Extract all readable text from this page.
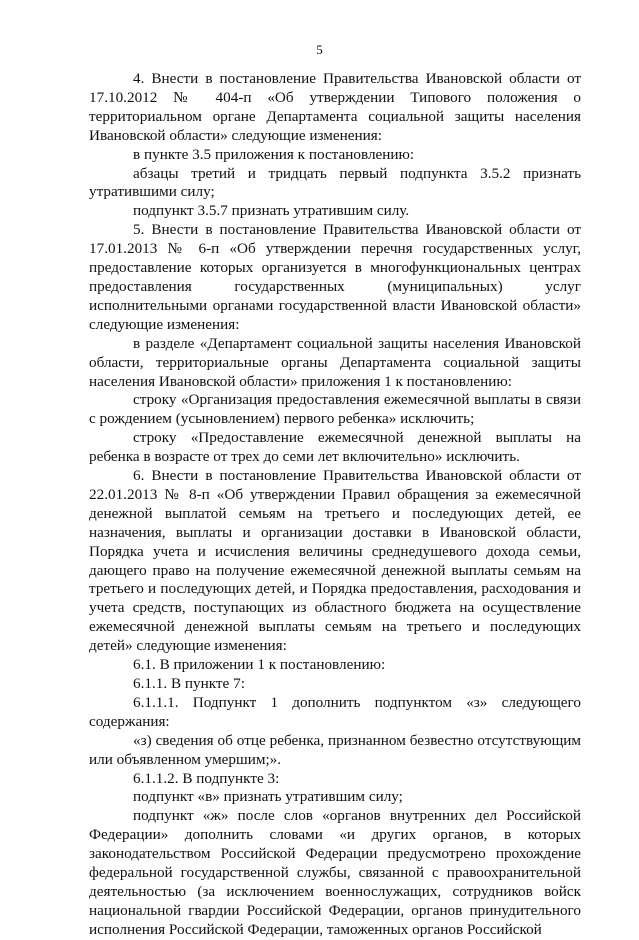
5

4. Внести в постановление Правительства Ивановской области от 17.10.2012 № 404-п «Об утверждении Типового положения о территориальном органе Департамента социальной защиты населения Ивановской области» следующие изменения:

в пункте 3.5 приложения к постановлению:

абзацы третий и тридцать первый подпункта 3.5.2 признать утратившими силу;

подпункт 3.5.7 признать утратившим силу.

5. Внести в постановление Правительства Ивановской области от 17.01.2013 № 6-п «Об утверждении перечня государственных услуг, предоставление которых организуется в многофункциональных центрах предоставления государственных (муниципальных) услуг исполнительными органами государственной власти Ивановской области» следующие изменения:

в разделе «Департамент социальной защиты населения Ивановской области, территориальные органы Департамента социальной защиты населения Ивановской области» приложения 1 к постановлению:

строку «Организация предоставления ежемесячной выплаты в связи с рождением (усыновлением) первого ребенка» исключить;

строку «Предоставление ежемесячной денежной выплаты на ребенка в возрасте от трех до семи лет включительно» исключить.

6. Внести в постановление Правительства Ивановской области от 22.01.2013 № 8-п «Об утверждении Правил обращения за ежемесячной денежной выплатой семьям на третьего и последующих детей, ее назначения, выплаты и организации доставки в Ивановской области, Порядка учета и исчисления величины среднедушевого дохода семьи, дающего право на получение ежемесячной денежной выплаты семьям на третьего и последующих детей, и Порядка предоставления, расходования и учета средств, поступающих из областного бюджета на осуществление ежемесячной денежной выплаты семьям на третьего и последующих детей» следующие изменения:

6.1. В приложении 1 к постановлению:

6.1.1. В пункте 7:

6.1.1.1. Подпункт 1 дополнить подпунктом «з» следующего содержания:

«з) сведения об отце ребенка, признанном безвестно отсутствующим или объявленном умершим;».

6.1.1.2. В подпункте 3:

подпункт «в» признать утратившим силу;

подпункт «ж» после слов «органов внутренних дел Российской Федерации» дополнить словами «и других органов, в которых законодательством Российской Федерации предусмотрено прохождение федеральной государственной службы, связанной с правоохранительной деятельностью (за исключением военнослужащих, сотрудников войск национальной гвардии Российской Федерации, органов принудительного исполнения Российской Федерации, таможенных органов Российской
